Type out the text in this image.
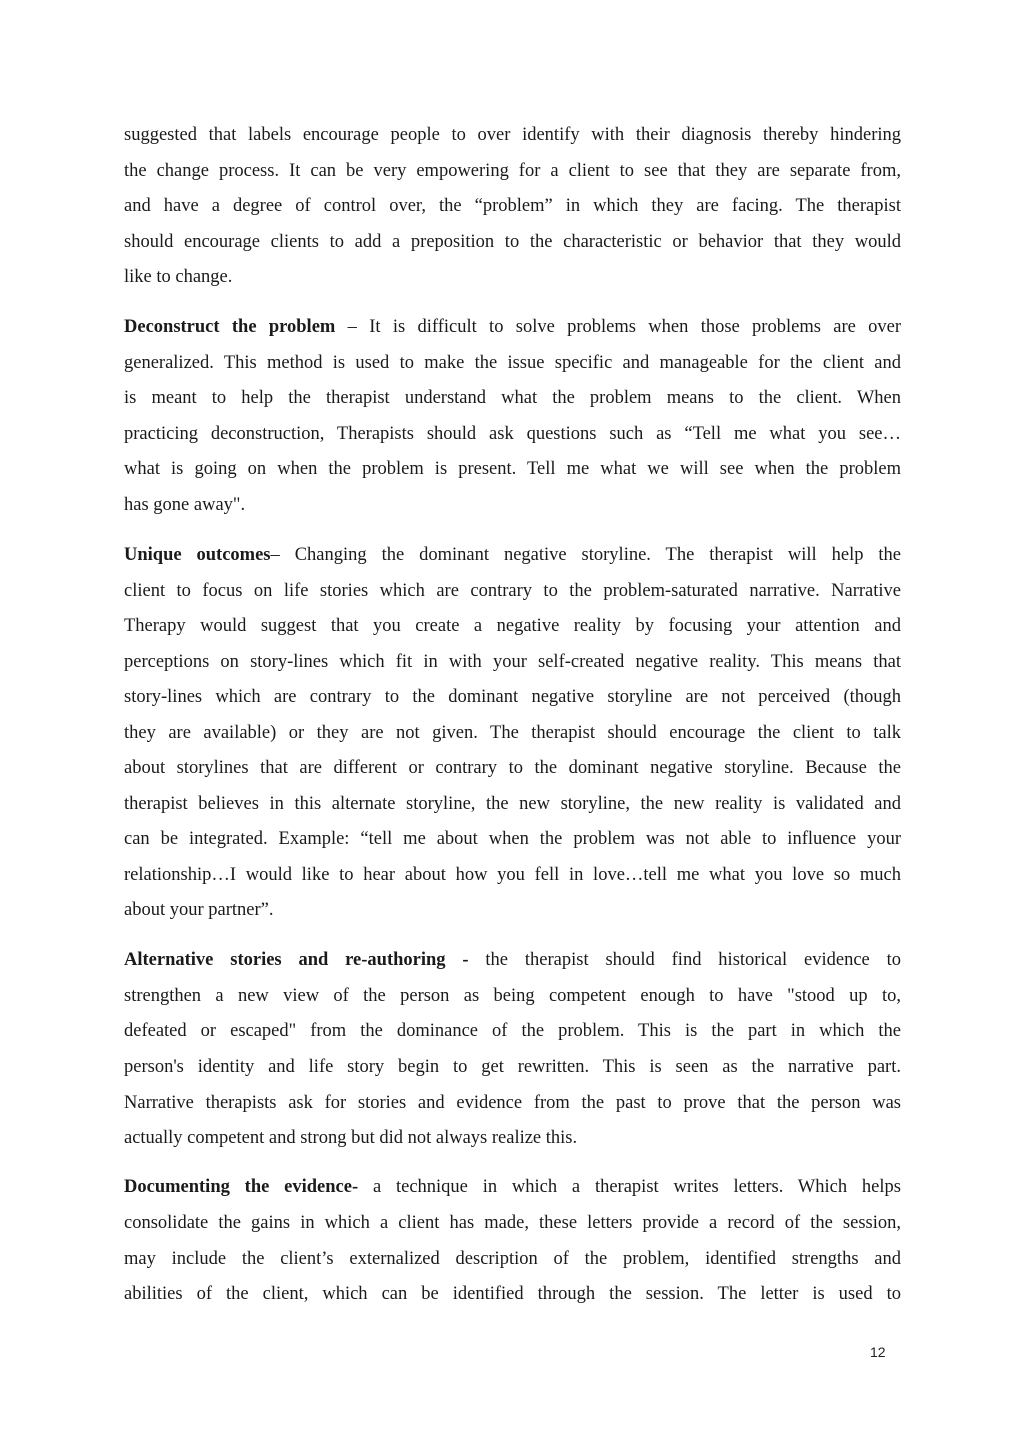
suggested that labels encourage people to over identify with their diagnosis thereby hindering
the change process. It can be very empowering for a client to see that they are separate from,
and have a degree of control over, the “problem” in which they are facing. The therapist
should encourage clients to add a preposition to the characteristic or behavior that they would
like to change.
Deconstruct the problem – It is difficult to solve problems when those problems are over
generalized. This method is used to make the issue specific and manageable for the client and
is meant to help the therapist understand what the problem means to the client. When
practicing deconstruction, Therapists should ask questions such as “Tell me what you see…
what is going on when the problem is present. Tell me what we will see when the problem
has gone away".
Unique outcomes– Changing the dominant negative storyline. The therapist will help the
client to focus on life stories which are contrary to the problem-saturated narrative. Narrative
Therapy would suggest that you create a negative reality by focusing your attention and
perceptions on story-lines which fit in with your self-created negative reality. This means that
story-lines which are contrary to the dominant negative storyline are not perceived (though
they are available) or they are not given. The therapist should encourage the client to talk
about storylines that are different or contrary to the dominant negative storyline. Because the
therapist believes in this alternate storyline, the new storyline, the new reality is validated and
can be integrated. Example: “tell me about when the problem was not able to influence your
relationship…I would like to hear about how you fell in love…tell me what you love so much
about your partner”.
Alternative stories and re-authoring - the therapist should find historical evidence to
strengthen a new view of the person as being competent enough to have "stood up to,
defeated or escaped" from the dominance of the problem. This is the part in which the
person's identity and life story begin to get rewritten. This is seen as the narrative part.
Narrative therapists ask for stories and evidence from the past to prove that the person was
actually competent and strong but did not always realize this.
Documenting the evidence- a technique in which a therapist writes letters. Which helps
consolidate the gains in which a client has made, these letters provide a record of the session,
may include the client’s externalized description of the problem, identified strengths and
abilities of the client, which can be identified through the session. The letter is used to
12
